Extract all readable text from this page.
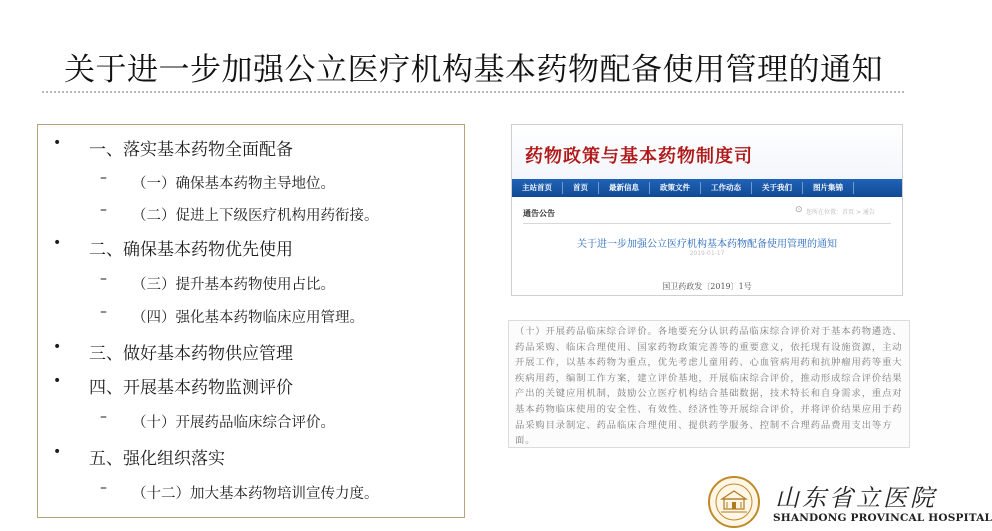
关于进一步加强公立医疗机构基本药物配备使用管理的通知
• 一、落实基本药物全面配备
– （一）确保基本药物主导地位。
– （二）促进上下级医疗机构用药衔接。
• 二、确保基本药物优先使用
– （三）提升基本药物使用占比。
– （四）强化基本药物临床应用管理。
• 三、做好基本药物供应管理
• 四、开展基本药物监测评价
– （十）开展药品临床综合评价。
• 五、强化组织落实
– （十二）加大基本药物培训宣传力度。
药物政策与基本药物制度司
主站首页	首页	最新信息	政策文件	工作动态	关于我们	图片集锦
通告公告	⊙ 您所在位置：首页 > 通告
关于进一步加强公立医疗机构基本药物配备使用管理的通知
2019-01-17
国卫药政发〔2019〕1号
（十）开展药品临床综合评价。各地要充分认识药品临床综合评价对于基本药物遴选、药品采购、临床合理使用、国家药物政策完善等的重要意义，依托现有设施资源，主动开展工作，以基本药物为重点，优先考虑儿童用药、心血管病用药和抗肿瘤用药等重大疾病用药，编制工作方案，建立评价基地，开展临床综合评价，推动形成综合评价结果产出的关键应用机制，鼓励公立医疗机构结合基础数据，技术特长和自身需求，重点对基本药物临床使用的安全性、有效性、经济性等开展综合评价，并将评价结果应用于药品采购目录制定、药品临床合理使用、提供药学服务、控制不合理药品费用支出等方面。
山东省立医院
SHANDONG PROVINCAL HOSPITAL
